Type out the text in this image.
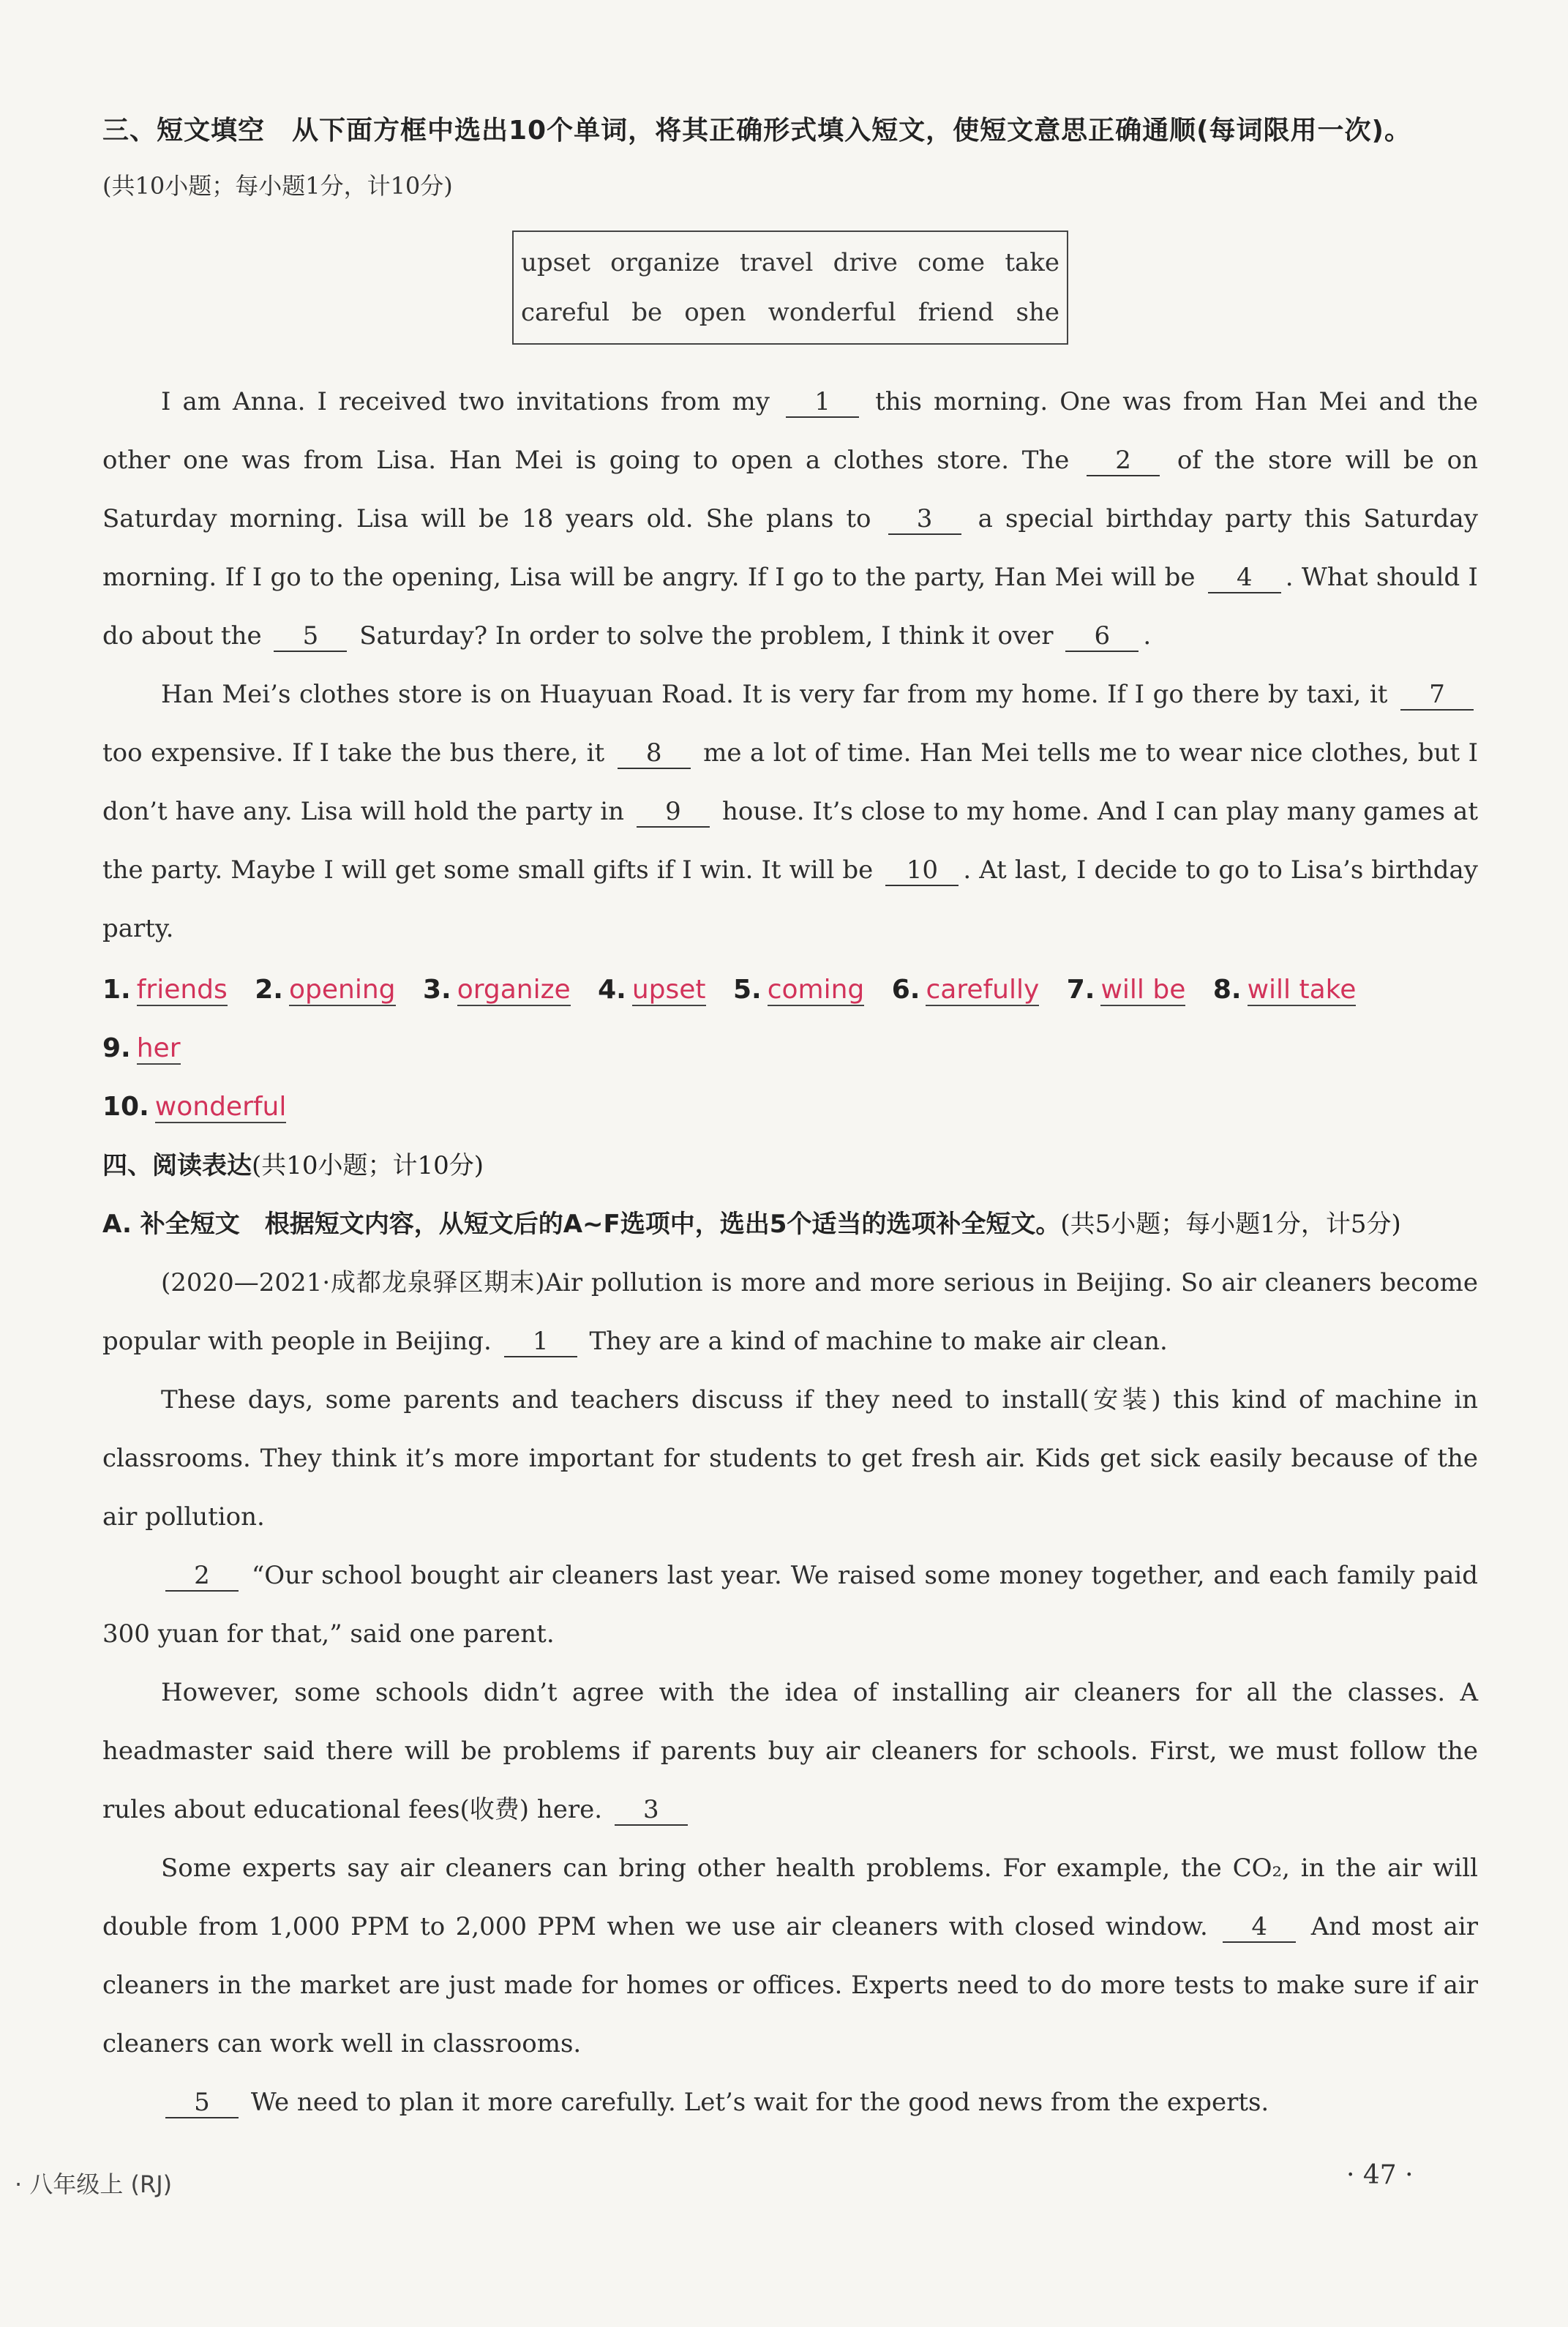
三、短文填空　从下面方框中选出10个单词，将其正确形式填入短文，使短文意思正确通顺(每词限用一次)。
(共10小题；每小题1分，计10分)
upset organize travel drive come take
careful be open wonderful friend she

I am Anna. I received two invitations from my 1 this morning. One was from Han Mei and the other one was from Lisa. Han Mei is going to open a clothes store. The 2 of the store will be on Saturday morning. Lisa will be 18 years old. She plans to 3 a special birthday party this Saturday morning. If I go to the opening, Lisa will be angry. If I go to the party, Han Mei will be 4 . What should I do about the 5 Saturday? In order to solve the problem, I think it over 6 .

Han Mei’s clothes store is on Huayuan Road. It is very far from my home. If I go there by taxi, it 7 too expensive. If I take the bus there, it 8 me a lot of time. Han Mei tells me to wear nice clothes, but I don’t have any. Lisa will hold the party in 9 house. It’s close to my home. And I can play many games at the party. Maybe I will get some small gifts if I win. It will be 10 . At last, I decide to go to Lisa’s birthday party.

1. friends 2. opening 3. organize 4. upset 5. coming 6. carefully 7. will be 8. will take 9. her
10. wonderful

四、阅读表达(共10小题；计10分)

A. 补全短文　根据短文内容，从短文后的A~F选项中，选出5个适当的选项补全短文。(共5小题；每小题1分，计5分)

(2020—2021·成都龙泉驿区期末)Air pollution is more and more serious in Beijing. So air cleaners become popular with people in Beijing. 1 They are a kind of machine to make air clean.

These days, some parents and teachers discuss if they need to install(安装) this kind of machine in classrooms. They think it’s more important for students to get fresh air. Kids get sick easily because of the air pollution.

2 “Our school bought air cleaners last year. We raised some money together, and each family paid 300 yuan for that,” said one parent.

However, some schools didn’t agree with the idea of installing air cleaners for all the classes. A headmaster said there will be problems if parents buy air cleaners for schools. First, we must follow the rules about educational fees(收费) here. 3

Some experts say air cleaners can bring other health problems. For example, the CO₂, in the air will double from 1,000 PPM to 2,000 PPM when we use air cleaners with closed window. 4 And most air cleaners in the market are just made for homes or offices. Experts need to do more tests to make sure if air cleaners can work well in classrooms.

5 We need to plan it more carefully. Let’s wait for the good news from the experts.

· 八年级上 (RJ)	· 47 ·
